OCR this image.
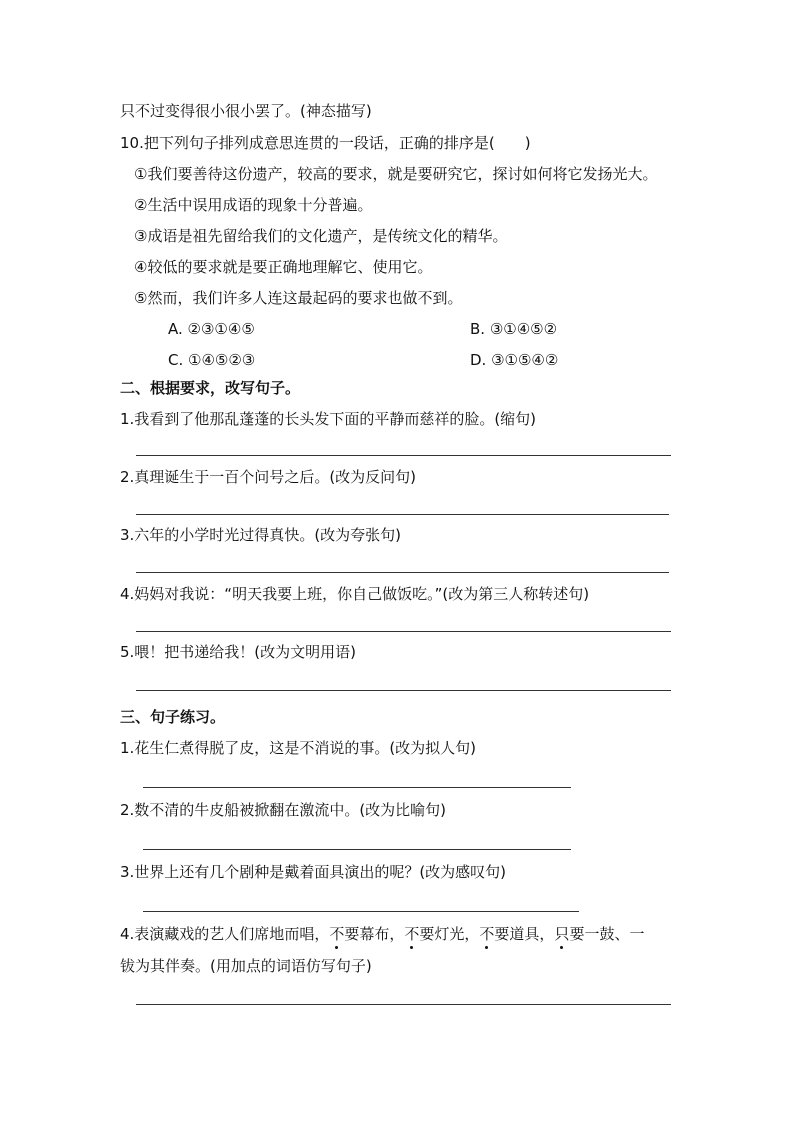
只不过变得很小很小罢了。(神态描写)
10.把下列句子排列成意思连贯的一段话，正确的排序是(　　)
①我们要善待这份遗产，较高的要求，就是要研究它，探讨如何将它发扬光大。
②生活中误用成语的现象十分普遍。
③成语是祖先留给我们的文化遗产，是传统文化的精华。
④较低的要求就是要正确地理解它、使用它。
⑤然而，我们许多人连这最起码的要求也做不到。
A. ②③①④⑤	B. ③①④⑤②
C. ①④⑤②③	D. ③①⑤④②
二、根据要求，改写句子。
1.我看到了他那乱蓬蓬的长头发下面的平静而慈祥的脸。(缩句)
2.真理诞生于一百个问号之后。(改为反问句)
3.六年的小学时光过得真快。(改为夸张句)
4.妈妈对我说：“明天我要上班，你自己做饭吃。”(改为第三人称转述句)
5.喂！把书递给我！(改为文明用语)
三、句子练习。
1.花生仁煮得脱了皮，这是不消说的事。(改为拟人句)
2.数不清的牛皮船被掀翻在激流中。(改为比喻句)
3.世界上还有几个剧种是戴着面具演出的呢？(改为感叹句)
4.表演藏戏的艺人们席地而唱，不要幕布，不要灯光，不要道具，只要一鼓、一
钹为其伴奏。(用加点的词语仿写句子)
